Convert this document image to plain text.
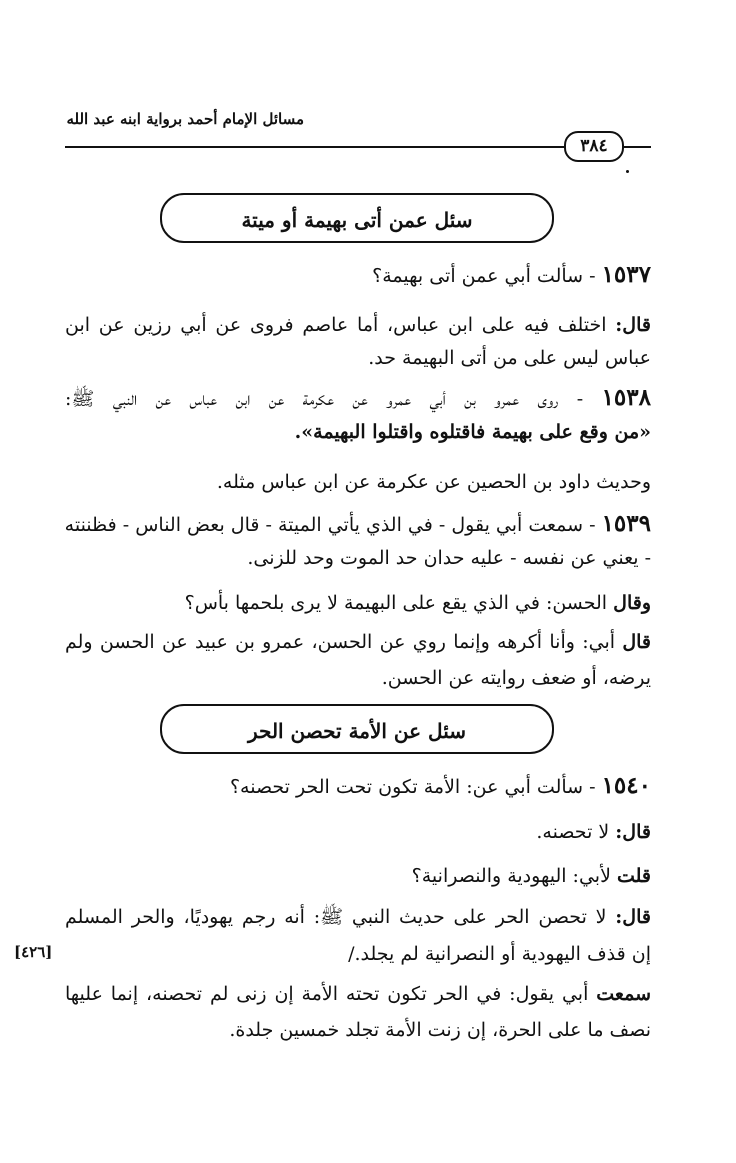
مسائل الإمام أحمد برواية ابنه عبد الله
٣٨٤
سئل عمن أتى بهيمة أو ميتة
١٥٣٧ - سألت أبي عمن أتى بهيمة؟
قال: اختلف فيه على ابن عباس، أما عاصم فروى عن أبي رزين عن ابن
عباس ليس على من أتى البهيمة حد.
١٥٣٨ - روى عمرو بن أبي عمرو عن عكرمة عن ابن عباس عن النبي ﷺ:
«من وقع على بهيمة فاقتلوه واقتلوا البهيمة».
وحديث داود بن الحصين عن عكرمة عن ابن عباس مثله.
١٥٣٩ - سمعت أبي يقول - في الذي يأتي الميتة - قال بعض الناس - فظننته
- يعني عن نفسه - عليه حدان حد الموت وحد للزنى.
وقال الحسن: في الذي يقع على البهيمة لا يرى بلحمها بأس؟
قال أبي: وأنا أكرهه وإنما روي عن الحسن، عمرو بن عبيد عن الحسن ولم
يرضه، أو ضعف روايته عن الحسن.
سئل عن الأمة تحصن الحر
١٥٤٠ - سألت أبي عن: الأمة تكون تحت الحر تحصنه؟
قال: لا تحصنه.
قلت لأبي: اليهودية والنصرانية؟
قال: لا تحصن الحر على حديث النبي ﷺ: أنه رجم يهوديًا، والحر المسلم
إن قذف اليهودية أو النصرانية لم يجلد./
[٤٢٦]
سمعت أبي يقول: في الحر تكون تحته الأمة إن زنى لم تحصنه، إنما عليها
نصف ما على الحرة، إن زنت الأمة تجلد خمسين جلدة.
